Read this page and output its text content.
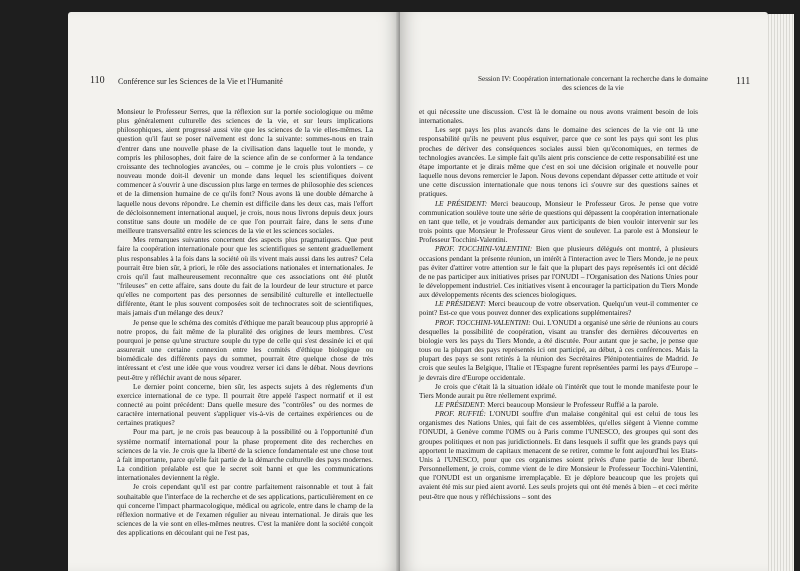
110 Conférence sur les Sciences de la Vie et l'Humanité

Monsieur le Professeur Serres, que la réflexion sur la portée sociologique ou même plus généralement culturelle des sciences de la vie, et sur leurs implications philosophiques, aient progressé aussi vite que les sciences de la vie elles-mêmes. La question qu'il faut se poser naïvement est donc la suivante: sommes-nous en train d'entrer dans une nouvelle phase de la civilisation dans laquelle tout le monde, y compris les philosophes, doit faire de la science afin de se conformer à la tendance croissante des technologies avancées, ou – comme je le crois plus volontiers – ce nouveau monde doit-il devenir un monde dans lequel les scientifiques doivent commencer à s'ouvrir à une discussion plus large en termes de philosophie des sciences et de la dimension humaine de ce qu'ils font? Nous avons là une double démarche à laquelle nous devons répondre. Le chemin est difficile dans les deux cas, mais l'effort de décloisonnement international auquel, je crois, nous nous livrons depuis deux jours constitue sans doute un modèle de ce que l'on pourrait faire, dans le sens d'une meilleure transversalité entre les sciences de la vie et les sciences sociales.

Mes remarques suivantes concernent des aspects plus pragmatiques. Que peut faire la coopération internationale pour que les scientifiques se sentent graduellement plus responsables à la fois dans la société où ils vivent mais aussi dans les autres? Cela pourrait être bien sûr, à priori, le rôle des associations nationales et internationales. Je crois qu'il faut malheureusement reconnaître que ces associations ont été plutôt "frileuses" en cette affaire, sans doute du fait de la lourdeur de leur structure et parce qu'elles ne comportent pas des personnes de sensibilité culturelle et intellectuelle différente, étant le plus souvent composées soit de technocrates soit de scientifiques, mais jamais d'un mélange des deux?

Je pense que le schéma des comités d'éthique me paraît beaucoup plus approprié à notre propos, du fait même de la pluralité des origines de leurs membres. C'est pourquoi je pense qu'une structure souple du type de celle qui s'est dessinée ici et qui assurerait une certaine connexion entre les comités d'éthique biologique ou biomédicale des différents pays du sommet, pourrait être quelque chose de très intéressant et c'est une idée que vous voudrez verser ici dans le débat. Nous devrions peut-être y réfléchir avant de nous séparer.

Le dernier point concerne, bien sûr, les aspects sujets à des règlements d'un exercice international de ce type. Il pourrait être appelé l'aspect normatif et il est connecté au point précédent: Dans quelle mesure des "contrôles" ou des normes de caractère international peuvent s'appliquer vis-à-vis de certaines expériences ou de certaines pratiques?

Pour ma part, je ne crois pas beaucoup à la possibilité ou à l'opportunité d'un système normatif international pour la phase proprement dite des recherches en sciences de la vie. Je crois que la liberté de la science fondamentale est une chose tout à fait importante, parce qu'elle fait partie de la démarche culturelle des pays modernes. La condition préalable est que le secret soit banni et que les communications internationales deviennent la règle.

Je crois cependant qu'il est par contre parfaitement raisonnable et tout à fait souhaitable que l'interface de la recherche et de ses applications, particulièrement en ce qui concerne l'impact pharmacologique, médical ou agricole, entre dans le champ de la réflexion normative et de l'examen régulier au niveau international. Je dirais que les sciences de la vie sont en elles-mêmes neutres. C'est la manière dont la société conçoit des applications en découlant qui ne l'est pas,

Session IV: Coopération internationale concernant la recherche dans le domaine
des sciences de la vie
111

et qui nécessite une discussion. C'est là le domaine ou nous avons vraiment besoin de lois internationales.

Les sept pays les plus avancés dans le domaine des sciences de la vie ont là une responsabilité qu'ils ne peuvent plus esquiver, parce que ce sont les pays qui sont les plus proches de dériver des conséquences sociales aussi bien qu'économiques, en termes de technologies avancées. Le simple fait qu'ils aient pris conscience de cette responsabilité est une étape importante et je dirais même que c'est en soi une décision originale et nouvelle pour laquelle nous devons remercier le Japon. Nous devons cependant dépasser cette attitude et voir une cette discussion internationale que nous tenons ici s'ouvre sur des questions saines et pratiques.

LE PRÉSIDENT: Merci beaucoup, Monsieur le Professeur Gros. Je pense que votre communication soulève toute une série de questions qui dépassent la coopération internationale en tant que telle, et je voudrais demander aux participants de bien vouloir intervenir sur les trois points que Monsieur le Professeur Gros vient de soulever. La parole est à Monsieur le Professeur Tocchini-Valentini.

PROF. TOCCHINI-VALENTINI: Bien que plusieurs délégués ont montré, à plusieurs occasions pendant la présente réunion, un intérêt à l'interaction avec le Tiers Monde, je ne peux pas éviter d'attirer votre attention sur le fait que la plupart des pays représentés ici ont décidé de ne pas participer aux initiatives prises par l'ONUDI – l'Organisation des Nations Unies pour le développement industriel. Ces initiatives visent à encourager la participation du Tiers Monde aux développements récents des sciences biologiques.

LE PRÉSIDENT: Merci beaucoup de votre observation. Quelqu'un veut-il commenter ce point? Est-ce que vous pouvez donner des explications supplémentaires?

PROF. TOCCHINI-VALENTINI: Oui. L'ONUDI a organisé une série de réunions au cours desquelles la possibilité de coopération, visant au transfer des dernières découvertes en biologie vers les pays du Tiers Monde, a été discutée. Pour autant que je sache, je pense que tous ou la plupart des pays représentés ici ont participé, au début, à ces conférences. Mais la plupart des pays se sont retirés à la réunion des Secrétaires Plénipotentiaires de Madrid. Je crois que seules la Belgique, l'Italie et l'Espagne furent représentées parmi les pays d'Europe – je devrais dire d'Europe occidentale.

Je crois que c'était là la situation idéale où l'intérêt que tout le monde manifeste pour le Tiers Monde aurait pu être réellement exprimé.

LE PRÉSIDENT: Merci beaucoup Monsieur le Professeur Ruffié a la parole.

PROF. RUFFIÉ: L'ONUDI souffre d'un malaise congénital qui est celui de tous les organismes des Nations Unies, qui fait de ces assemblées, qu'elles siègent à Vienne comme l'ONUDI, à Genève comme l'OMS ou à Paris comme l'UNESCO, des groupes qui sont des groupes politiques et non pas juridictionnels. Et dans lesquels il suffit que les grands pays qui apportent le maximum de capitaux menacent de se retirer, comme le font aujourd'hui les Etats-Unis à l'UNESCO, pour que ces organismes soient privés d'une partie de leur liberté. Personnellement, je crois, comme vient de le dire Monsieur le Professeur Tocchini-Valentini, que l'ONUDI est un organisme irremplaçable. Et je déplore beaucoup que les projets qui avaient été mis sur pied aient avorté. Les seuls projets qui ont été menés à bien – et ceci mérite peut-être que nous y réfléchissions – sont des
